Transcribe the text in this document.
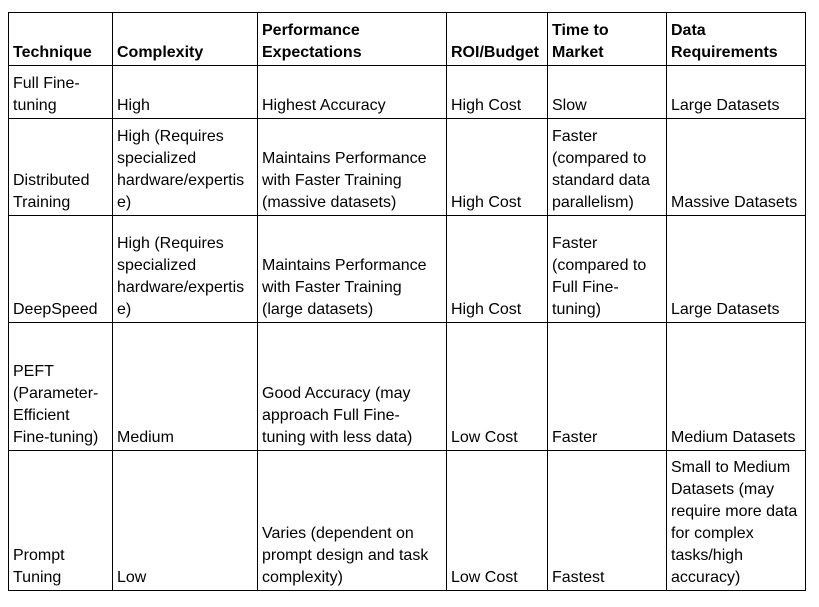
Technique	Complexity	Performance Expectations	ROI/Budget	Time to Market	Data Requirements
Full Fine-tuning	High	Highest Accuracy	High Cost	Slow	Large Datasets
Distributed Training	High (Requires specialized hardware/expertise)	Maintains Performance with Faster Training (massive datasets)	High Cost	Faster (compared to standard data parallelism)	Massive Datasets
DeepSpeed	High (Requires specialized hardware/expertise)	Maintains Performance with Faster Training (large datasets)	High Cost	Faster (compared to Full Fine-tuning)	Large Datasets
PEFT (Parameter-Efficient Fine-tuning)	Medium	Good Accuracy (may approach Full Fine-tuning with less data)	Low Cost	Faster	Medium Datasets
Prompt Tuning	Low	Varies (dependent on prompt design and task complexity)	Low Cost	Fastest	Small to Medium Datasets (may require more data for complex tasks/high accuracy)
